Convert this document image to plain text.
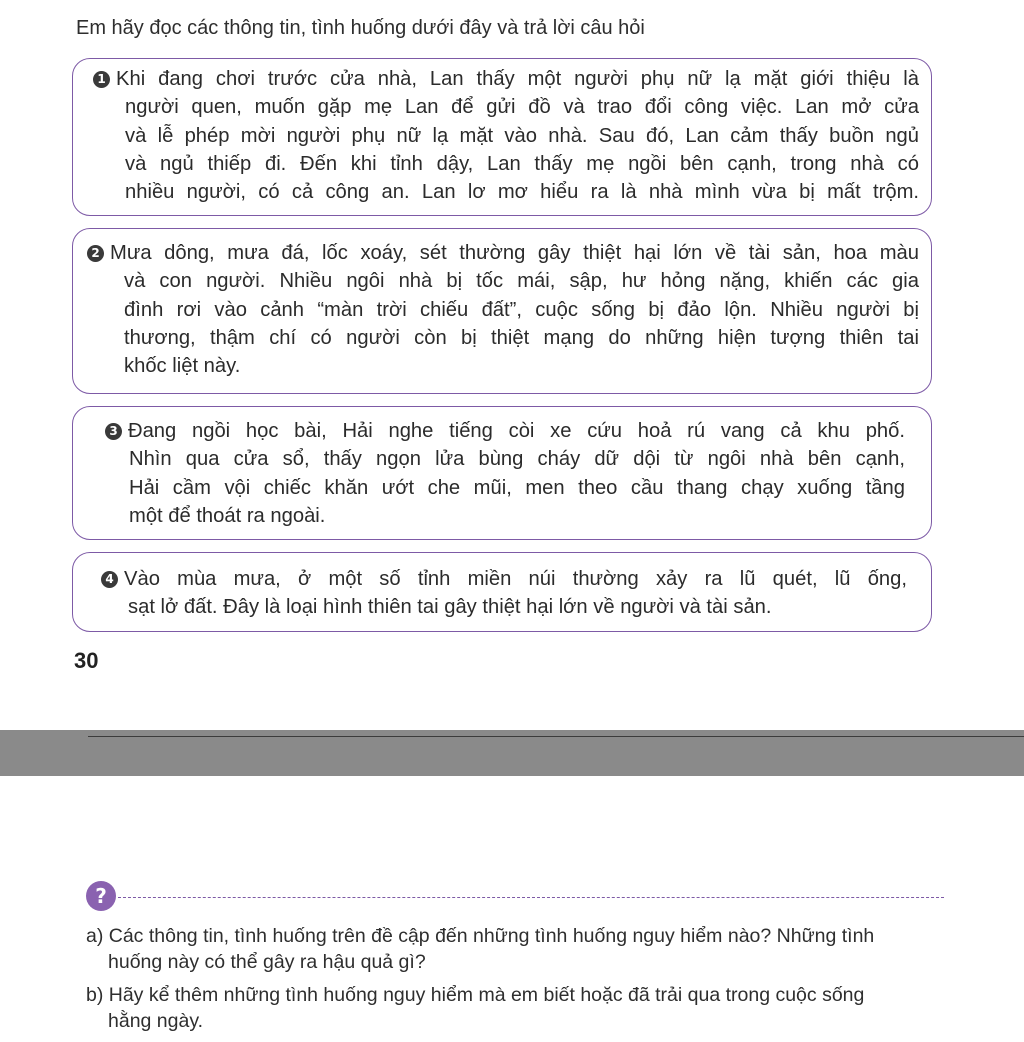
Em hãy đọc các thông tin, tình huống dưới đây và trả lời câu hỏi
1 Khi đang chơi trước cửa nhà, Lan thấy một người phụ nữ lạ mặt giới thiệu là
người quen, muốn gặp mẹ Lan để gửi đồ và trao đổi công việc. Lan mở cửa
và lễ phép mời người phụ nữ lạ mặt vào nhà. Sau đó, Lan cảm thấy buồn ngủ
và ngủ thiếp đi. Đến khi tỉnh dậy, Lan thấy mẹ ngồi bên cạnh, trong nhà có
nhiều người, có cả công an. Lan lơ mơ hiểu ra là nhà mình vừa bị mất trộm.
2 Mưa dông, mưa đá, lốc xoáy, sét thường gây thiệt hại lớn về tài sản, hoa màu
và con người. Nhiều ngôi nhà bị tốc mái, sập, hư hỏng nặng, khiến các gia
đình rơi vào cảnh “màn trời chiếu đất”, cuộc sống bị đảo lộn. Nhiều người bị
thương, thậm chí có người còn bị thiệt mạng do những hiện tượng thiên tai
khốc liệt này.
3 Đang ngồi học bài, Hải nghe tiếng còi xe cứu hoả rú vang cả khu phố.
Nhìn qua cửa sổ, thấy ngọn lửa bùng cháy dữ dội từ ngôi nhà bên cạnh,
Hải cầm vội chiếc khăn ướt che mũi, men theo cầu thang chạy xuống tầng
một để thoát ra ngoài.
4 Vào mùa mưa, ở một số tỉnh miền núi thường xảy ra lũ quét, lũ ống,
sạt lở đất. Đây là loại hình thiên tai gây thiệt hại lớn về người và tài sản.
30
?
a) Các thông tin, tình huống trên đề cập đến những tình huống nguy hiểm nào? Những tình
huống này có thể gây ra hậu quả gì?
b) Hãy kể thêm những tình huống nguy hiểm mà em biết hoặc đã trải qua trong cuộc sống
hằng ngày.
